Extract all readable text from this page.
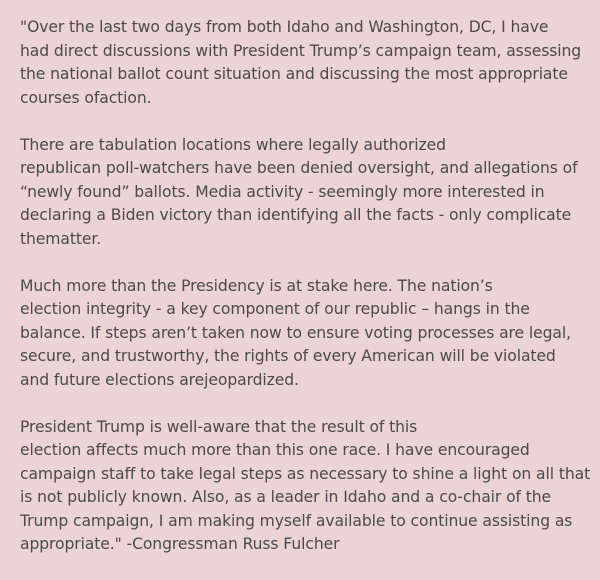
"Over the last two days from both Idaho and Washington, DC, I have
had direct discussions with President Trump’s campaign team, assessing
the national ballot count situation and discussing the most appropriate
courses ofaction.

There are tabulation locations where legally authorized
republican poll-watchers have been denied oversight, and allegations of
“newly found” ballots. Media activity - seemingly more interested in
declaring a Biden victory than identifying all the facts - only complicate
thematter.

Much more than the Presidency is at stake here. The nation’s
election integrity - a key component of our republic – hangs in the
balance. If steps aren’t taken now to ensure voting processes are legal,
secure, and trustworthy, the rights of every American will be violated
and future elections arejeopardized.

President Trump is well-aware that the result of this
election affects much more than this one race. I have encouraged
campaign staff to take legal steps as necessary to shine a light on all that
is not publicly known. Also, as a leader in Idaho and a co-chair of the
Trump campaign, I am making myself available to continue assisting as
appropriate." -Congressman Russ Fulcher
